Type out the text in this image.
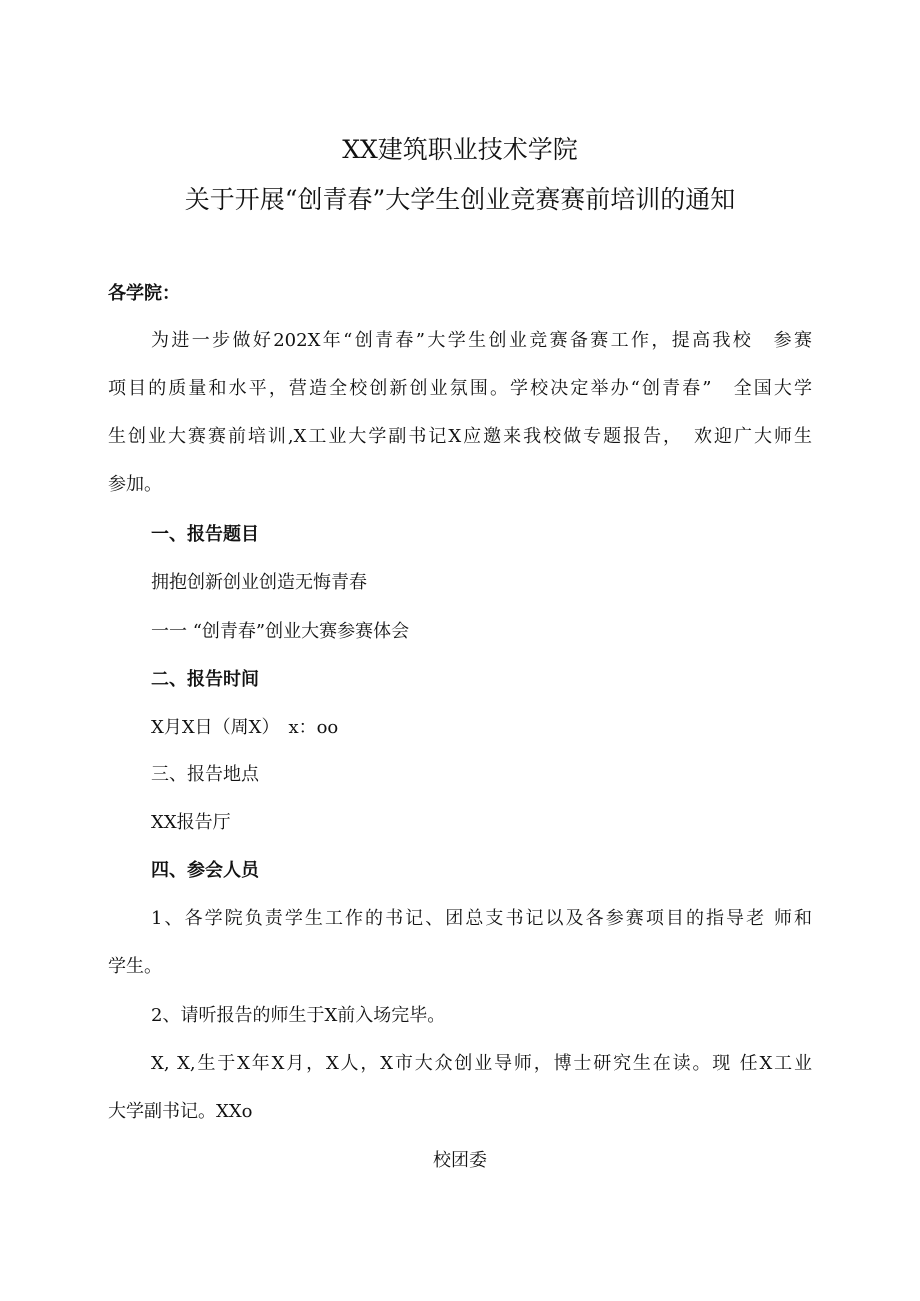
XX建筑职业技术学院
关于开展“创青春”大学生创业竞赛赛前培训的通知
各学院：
为进一步做好202X年“创青春”大学生创业竞赛备赛工作，提高我校　参赛
项目的质量和水平，营造全校创新创业氛围。学校决定举办“创青春”　全国大学
生创业大赛赛前培训,X工业大学副书记X应邀来我校做专题报告，　欢迎广大师生
参加。
一、报告题目
拥抱创新创业创造无悔青春
一一 “创青春”创业大赛参赛体会
二、报告时间
X月X日（周X）　x：oo
三、报告地点
XX报告厅
四、参会人员
1、各学院负责学生工作的书记、团总支书记以及各参赛项目的指导老 师和
学生。
2、请听报告的师生于X前入场完毕。
X, X,生于X年X月，X人，X市大众创业导师，博士研究生在读。现 任X工业
大学副书记。XXo
校团委
